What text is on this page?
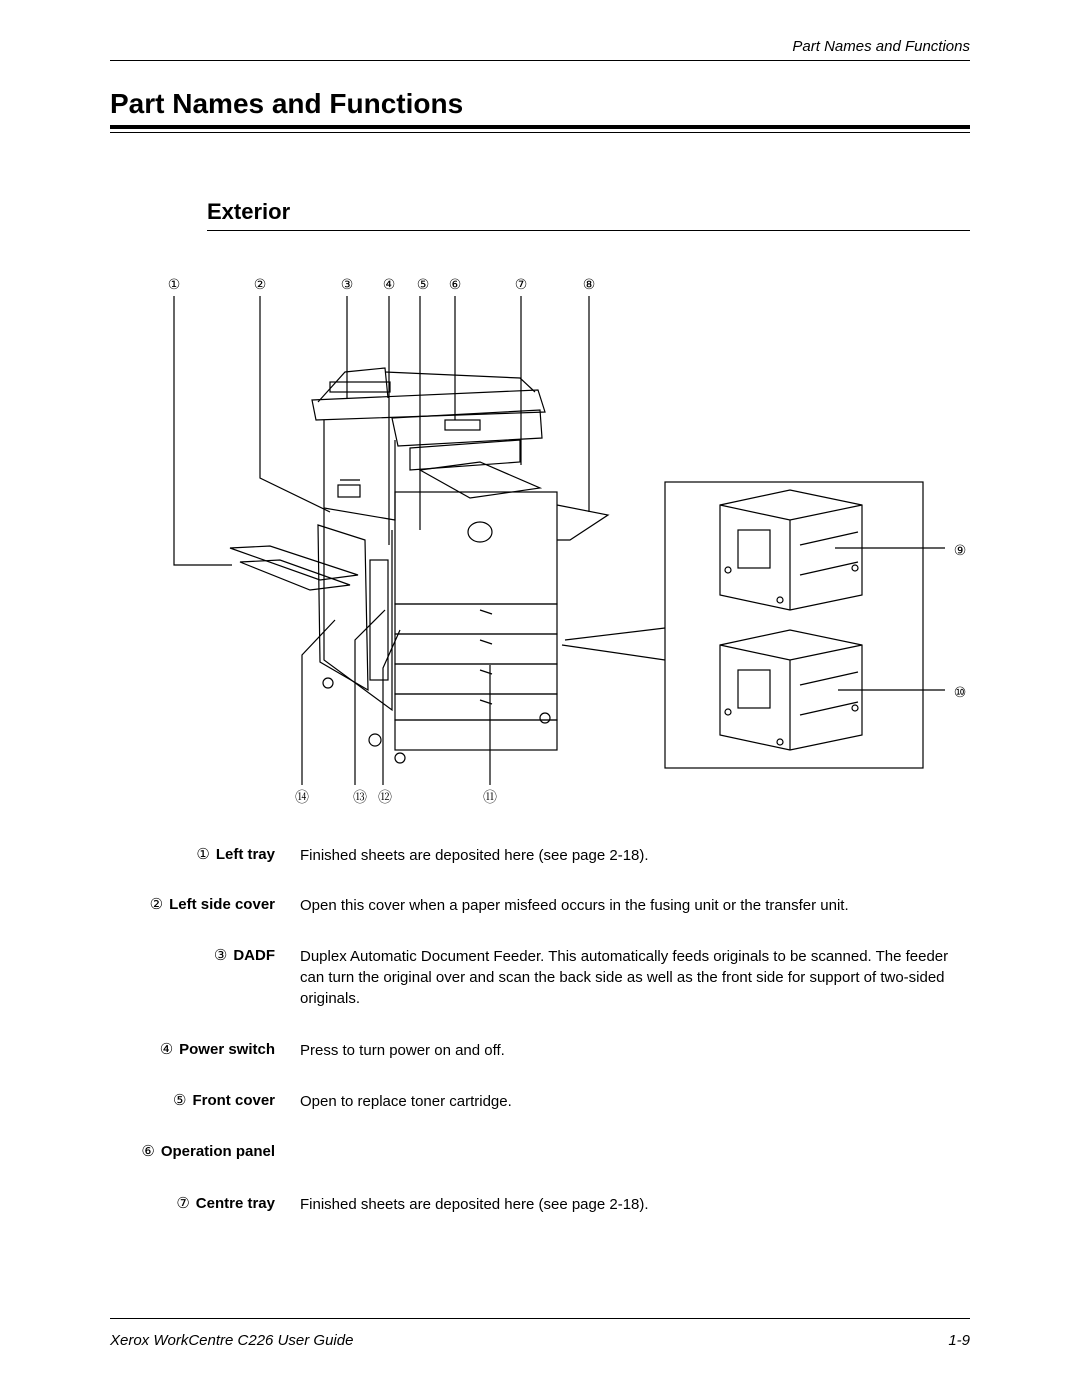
Part Names and Functions
Part Names and Functions
Exterior
①	②	③ ④ ⑤ ⑥	⑦	⑧
⑨
⑩
⑭	⑬ ⑫	⑪
① Left tray Finished sheets are deposited here (see page 2-18).
② Left side cover Open this cover when a paper misfeed occurs in the fusing unit or the transfer unit.
③ DADF Duplex Automatic Document Feeder. This automatically feeds originals to be scanned. The feeder can turn the original over and scan the back side as well as the front side for support of two-sided originals.
④ Power switch Press to turn power on and off.
⑤ Front cover Open to replace toner cartridge.
⑥ Operation panel
⑦ Centre tray Finished sheets are deposited here (see page 2-18).
Xerox WorkCentre C226 User Guide	1-9
